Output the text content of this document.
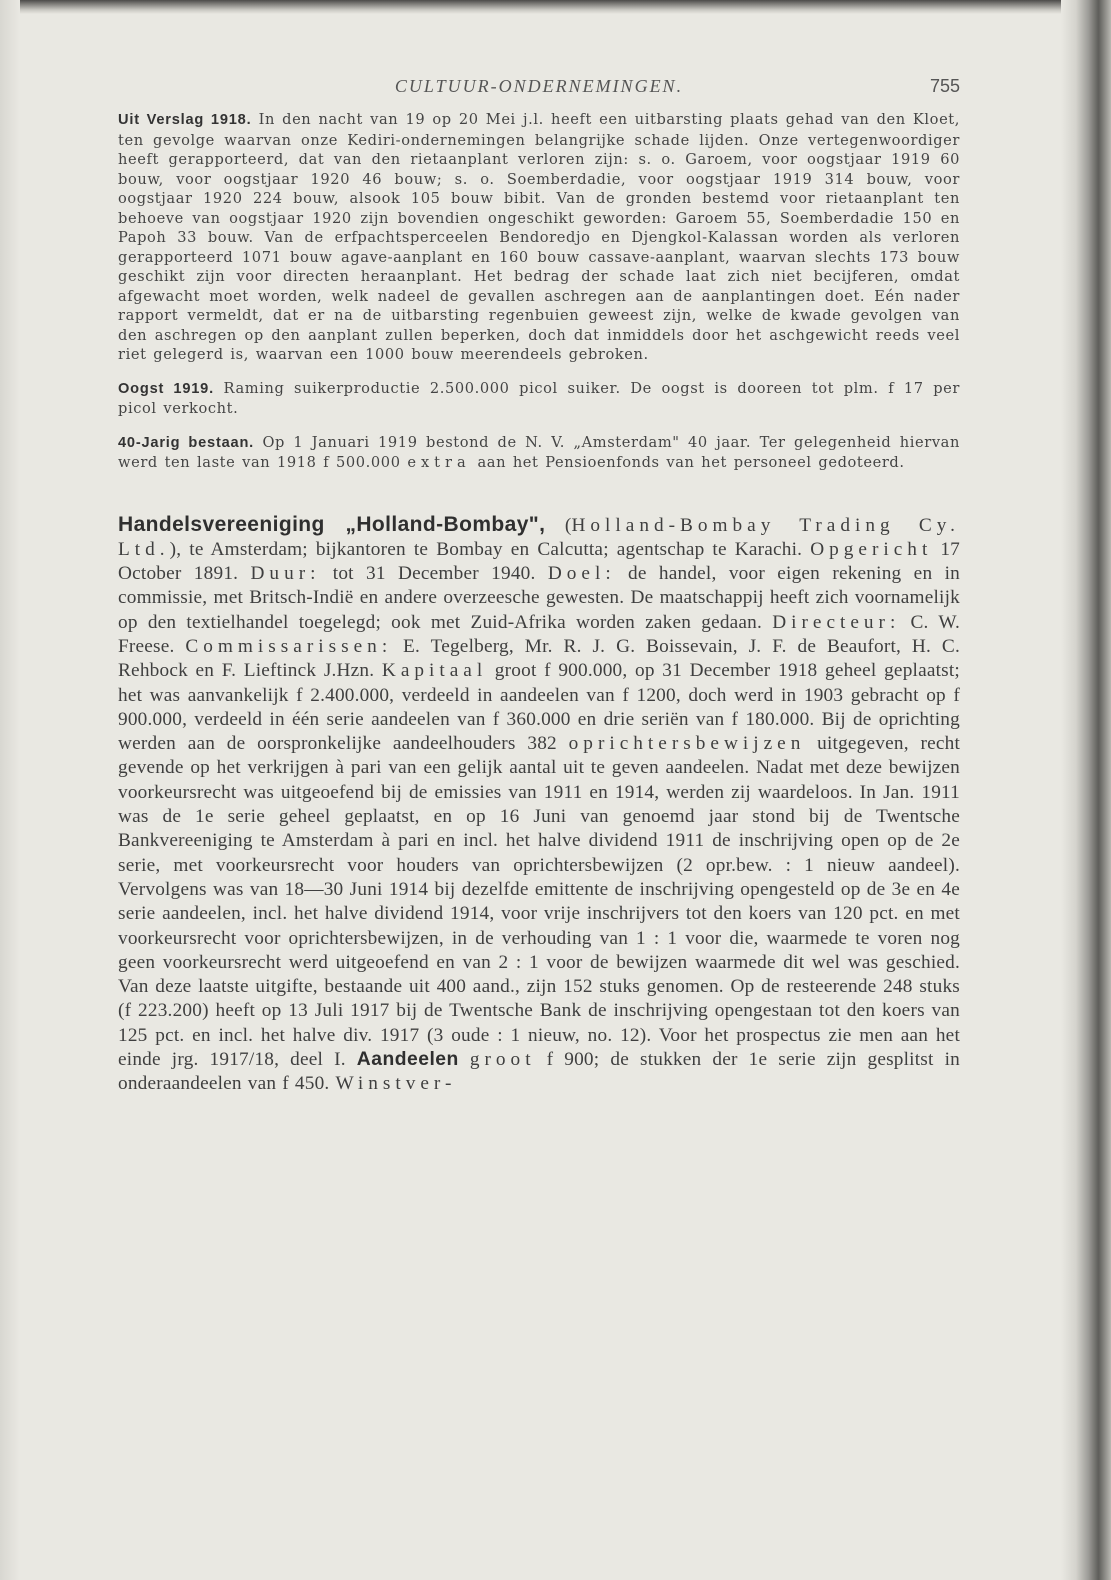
CULTUUR-ONDERNEMINGEN.	755

Uit Verslag 1918. In den nacht van 19 op 20 Mei j.l. heeft een uitbarsting plaats gehad van den Kloet, ten gevolge waarvan onze Kediri-ondernemingen belangrijke schade lijden. Onze vertegenwoordiger heeft gerapporteerd, dat van den rietaanplant verloren zijn: s. o. Garoem, voor oogstjaar 1919 60 bouw, voor oogstjaar 1920 46 bouw; s. o. Soemberdadie, voor oogstjaar 1919 314 bouw, voor oogstjaar 1920 224 bouw, alsook 105 bouw bibit. Van de gronden bestemd voor rietaanplant ten behoeve van oogstjaar 1920 zijn bovendien ongeschikt geworden: Garoem 55, Soemberdadie 150 en Papoh 33 bouw. Van de erfpachtsperceelen Bendoredjo en Djengkol-Kalassan worden als verloren gerapporteerd 1071 bouw agave-aanplant en 160 bouw cassave-aanplant, waarvan slechts 173 bouw geschikt zijn voor directen heraanplant. Het bedrag der schade laat zich niet becijferen, omdat afgewacht moet worden, welk nadeel de gevallen aschregen aan de aanplantingen doet. Eén nader rapport vermeldt, dat er na de uitbarsting regenbuien geweest zijn, welke de kwade gevolgen van den aschregen op den aanplant zullen beperken, doch dat inmiddels door het aschgewicht reeds veel riet gelegerd is, waarvan een 1000 bouw meerendeels gebroken.

Oogst 1919. Raming suikerproductie 2.500.000 picol suiker. De oogst is dooreen tot plm. f 17 per picol verkocht.

40-Jarig bestaan. Op 1 Januari 1919 bestond de N. V. „Amsterdam" 40 jaar. Ter gelegenheid hiervan werd ten laste van 1918 f 500.000 extra aan het Pensioenfonds van het personeel gedoteerd.

Handelsvereeniging „Holland-Bombay", (Holland-Bombay Trading Cy. Ltd.), te Amsterdam; bijkantoren te Bombay en Calcutta; agentschap te Karachi. Opgericht 17 October 1891. Duur: tot 31 December 1940. Doel: de handel, voor eigen rekening en in commissie, met Britsch-Indië en andere overzeesche gewesten. De maatschappij heeft zich voornamelijk op den textielhandel toegelegd; ook met Zuid-Afrika worden zaken gedaan. Directeur: C. W. Freese. Commissarissen: E. Tegelberg, Mr. R. J. G. Boissevain, J. F. de Beaufort, H. C. Rehbock en F. Lieftinck J.Hzn. Kapitaal groot f 900.000, op 31 December 1918 geheel geplaatst; het was aanvankelijk f 2.400.000, verdeeld in aandeelen van f 1200, doch werd in 1903 gebracht op f 900.000, verdeeld in één serie aandeelen van f 360.000 en drie seriën van f 180.000. Bij de oprichting werden aan de oorspronkelijke aandeelhouders 382 oprichtersbewijzen uitgegeven, recht gevende op het verkrijgen à pari van een gelijk aantal uit te geven aandeelen. Nadat met deze bewijzen voorkeursrecht was uitgeoefend bij de emissies van 1911 en 1914, werden zij waardeloos. In Jan. 1911 was de 1e serie geheel geplaatst, en op 16 Juni van genoemd jaar stond bij de Twentsche Bankvereeniging te Amsterdam à pari en incl. het halve dividend 1911 de inschrijving open op de 2e serie, met voorkeursrecht voor houders van oprichtersbewijzen (2 opr.bew. : 1 nieuw aandeel). Vervolgens was van 18—30 Juni 1914 bij dezelfde emittente de inschrijving opengesteld op de 3e en 4e serie aandeelen, incl. het halve dividend 1914, voor vrije inschrijvers tot den koers van 120 pct. en met voorkeursrecht voor oprichtersbewijzen, in de verhouding van 1 : 1 voor die, waarmede te voren nog geen voorkeursrecht werd uitgeoefend en van 2 : 1 voor de bewijzen waarmede dit wel was geschied. Van deze laatste uitgifte, bestaande uit 400 aand., zijn 152 stuks genomen. Op de resteerende 248 stuks (f 223.200) heeft op 13 Juli 1917 bij de Twentsche Bank de inschrijving opengestaan tot den koers van 125 pct. en incl. het halve div. 1917 (3 oude : 1 nieuw, no. 12). Voor het prospectus zie men aan het einde jrg. 1917/18, deel I. Aandeelen groot f 900; de stukken der 1e serie zijn gesplitst in onderaandeelen van f 450. Winstver-
